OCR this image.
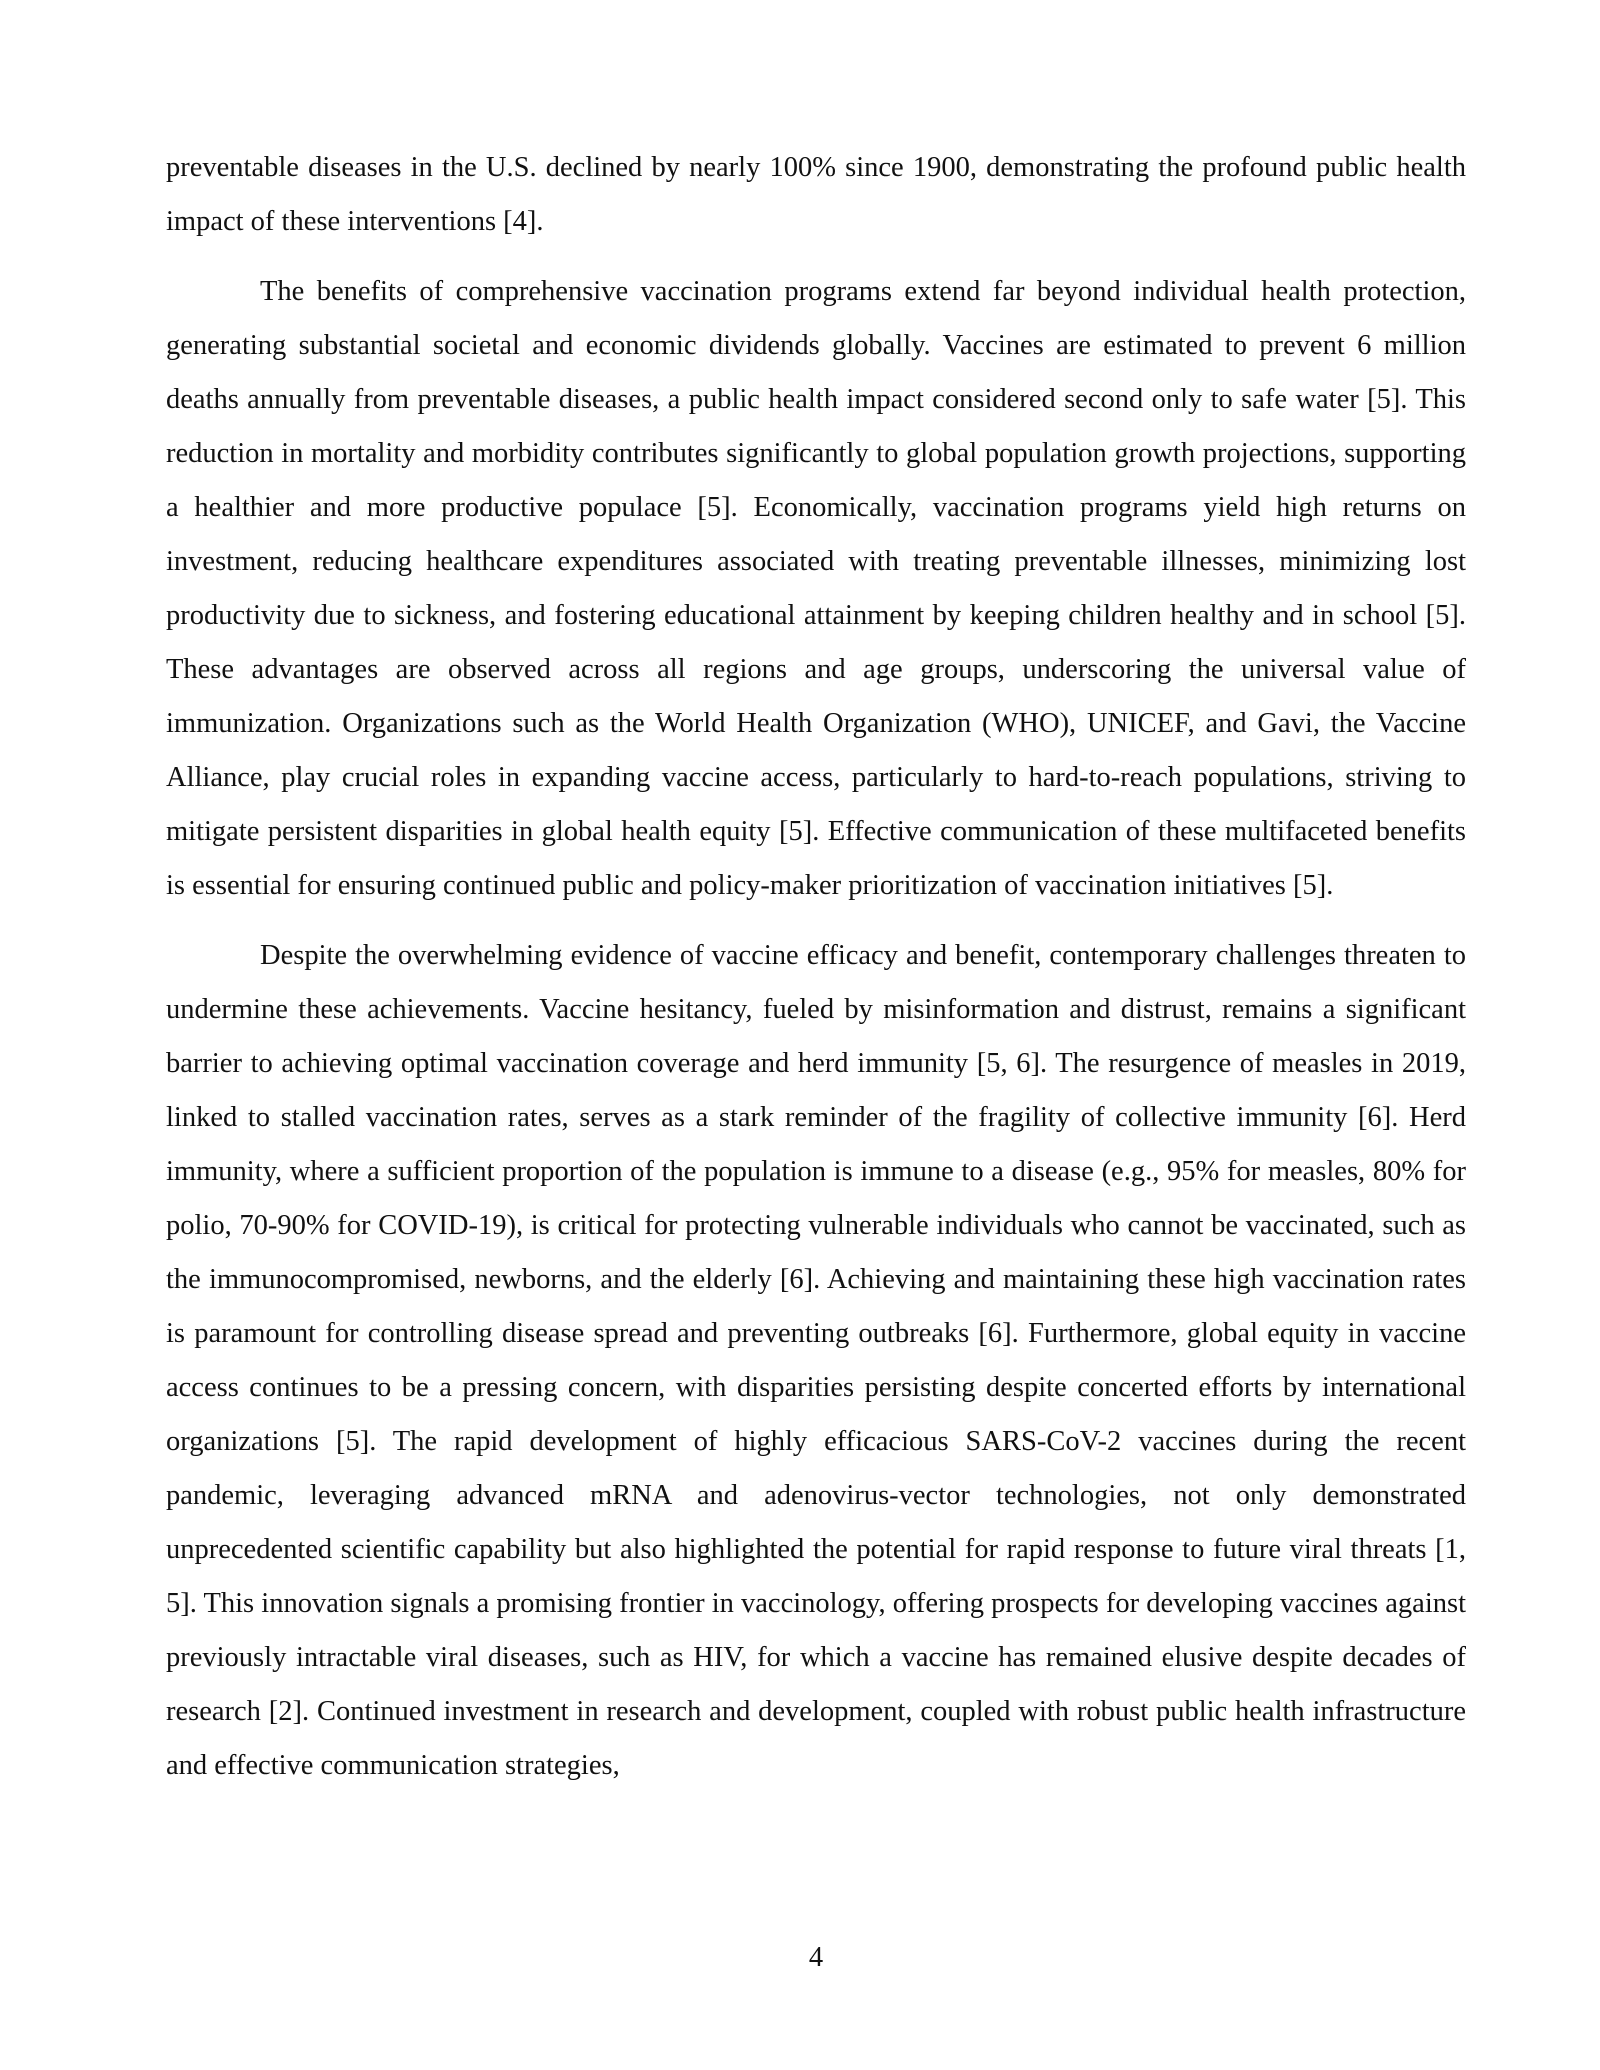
preventable diseases in the U.S. declined by nearly 100% since 1900, demonstrating the profound public health impact of these interventions [4].

The benefits of comprehensive vaccination programs extend far beyond individual health protection, generating substantial societal and economic dividends globally. Vaccines are estimated to prevent 6 million deaths annually from preventable diseases, a public health impact considered second only to safe water [5]. This reduction in mortality and morbidity contributes significantly to global population growth projections, supporting a healthier and more productive populace [5]. Economically, vaccination programs yield high returns on investment, reducing healthcare expenditures associated with treating preventable illnesses, minimizing lost productivity due to sickness, and fostering educational attainment by keeping children healthy and in school [5]. These advantages are observed across all regions and age groups, underscoring the universal value of immunization. Organizations such as the World Health Organization (WHO), UNICEF, and Gavi, the Vaccine Alliance, play crucial roles in expanding vaccine access, particularly to hard-to-reach populations, striving to mitigate persistent disparities in global health equity [5]. Effective communication of these multifaceted benefits is essential for ensuring continued public and policy-maker prioritization of vaccination initiatives [5].

Despite the overwhelming evidence of vaccine efficacy and benefit, contemporary challenges threaten to undermine these achievements. Vaccine hesitancy, fueled by misinformation and distrust, remains a significant barrier to achieving optimal vaccination coverage and herd immunity [5, 6]. The resurgence of measles in 2019, linked to stalled vaccination rates, serves as a stark reminder of the fragility of collective immunity [6]. Herd immunity, where a sufficient proportion of the population is immune to a disease (e.g., 95% for measles, 80% for polio, 70-90% for COVID-19), is critical for protecting vulnerable individuals who cannot be vaccinated, such as the immunocompromised, newborns, and the elderly [6]. Achieving and maintaining these high vaccination rates is paramount for controlling disease spread and preventing outbreaks [6]. Furthermore, global equity in vaccine access continues to be a pressing concern, with disparities persisting despite concerted efforts by international organizations [5]. The rapid development of highly efficacious SARS-CoV-2 vaccines during the recent pandemic, leveraging advanced mRNA and adenovirus-vector technologies, not only demonstrated unprecedented scientific capability but also highlighted the potential for rapid response to future viral threats [1, 5]. This innovation signals a promising frontier in vaccinology, offering prospects for developing vaccines against previously intractable viral diseases, such as HIV, for which a vaccine has remained elusive despite decades of research [2]. Continued investment in research and development, coupled with robust public health infrastructure and effective communication strategies,

4
